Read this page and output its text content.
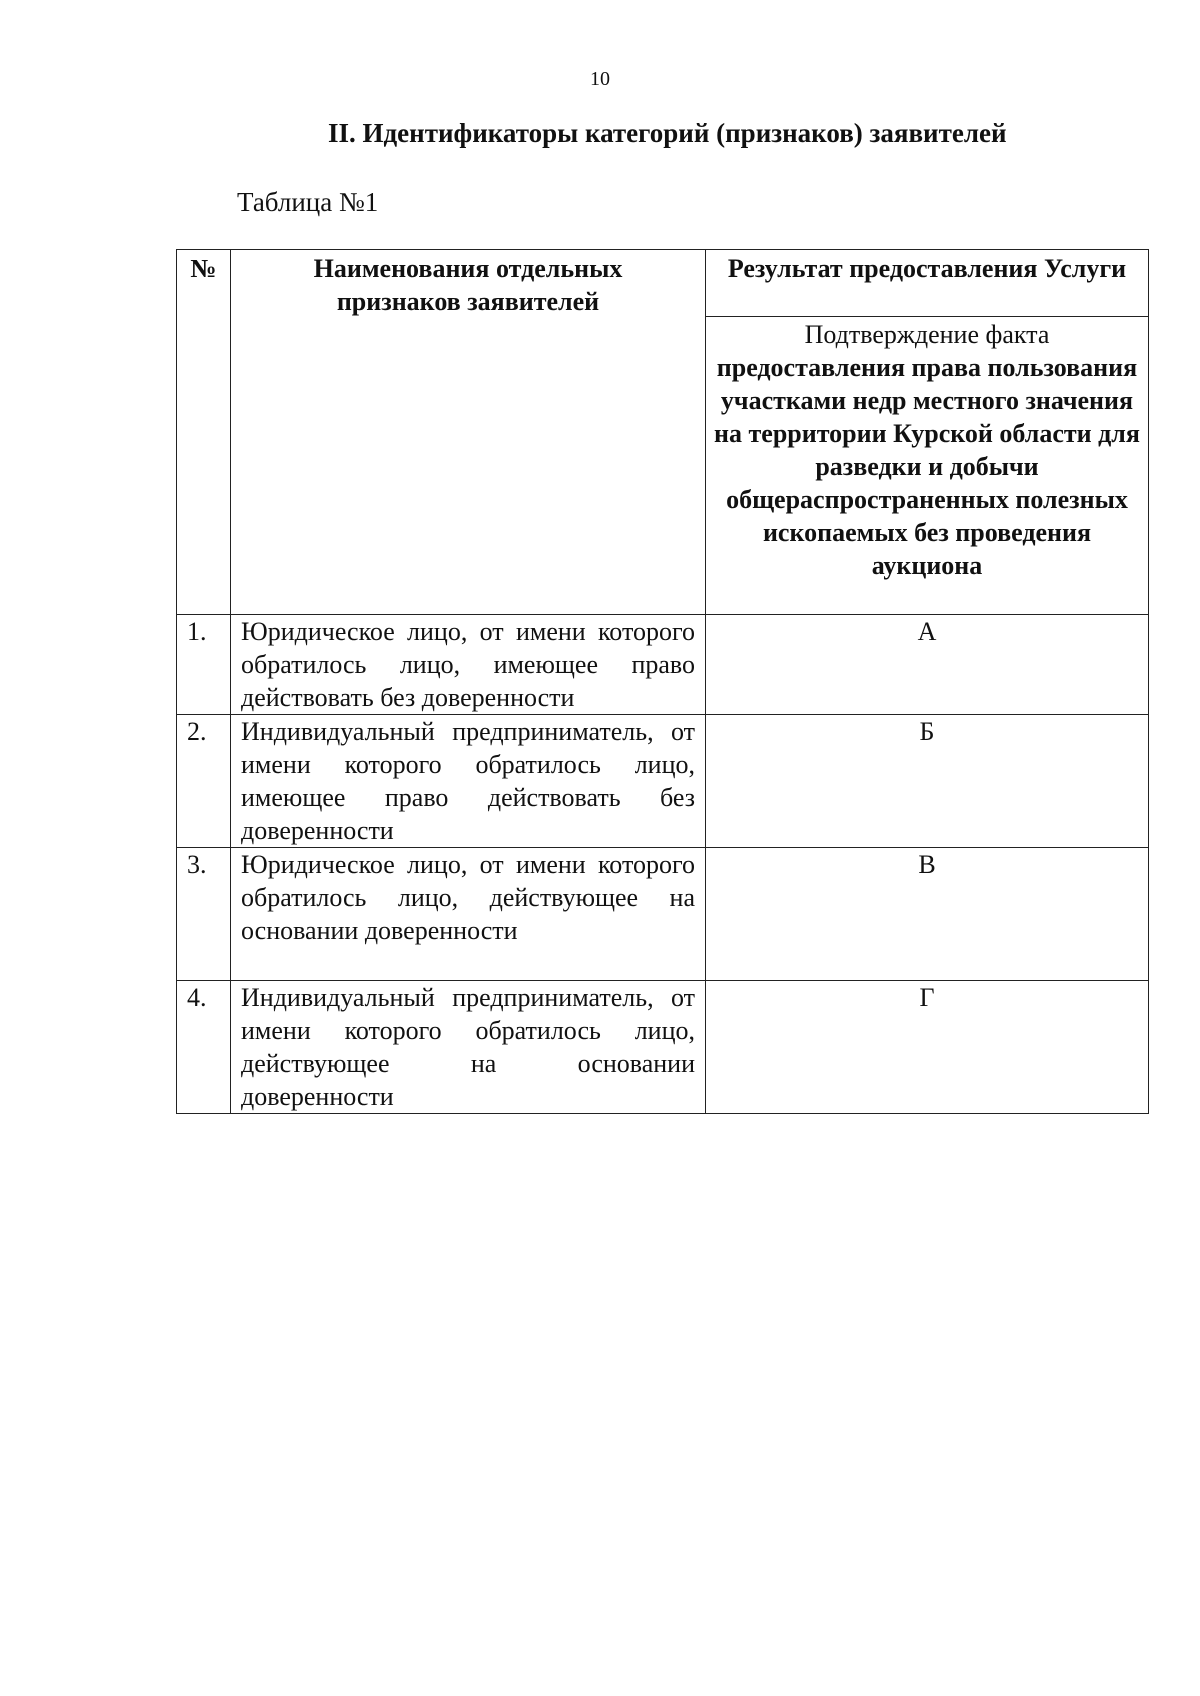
10
II. Идентификаторы категорий (признаков) заявителей
Таблица №1
№	Наименования отдельных признаков заявителей	Результат предоставления Услуги
		Подтверждение факта предоставления права пользования участками недр местного значения на территории Курской области для разведки и добычи общераспространенных полезных ископаемых без проведения аукциона
1.	Юридическое лицо, от имени которого обратилось лицо, имеющее право действовать без доверенности	А
2.	Индивидуальный предприниматель, от имени которого обратилось лицо, имеющее право действовать без доверенности	Б
3.	Юридическое лицо, от имени которого обратилось лицо, действующее на основании доверенности	В
4.	Индивидуальный предприниматель, от имени которого обратилось лицо, действующее на основании доверенности	Г
